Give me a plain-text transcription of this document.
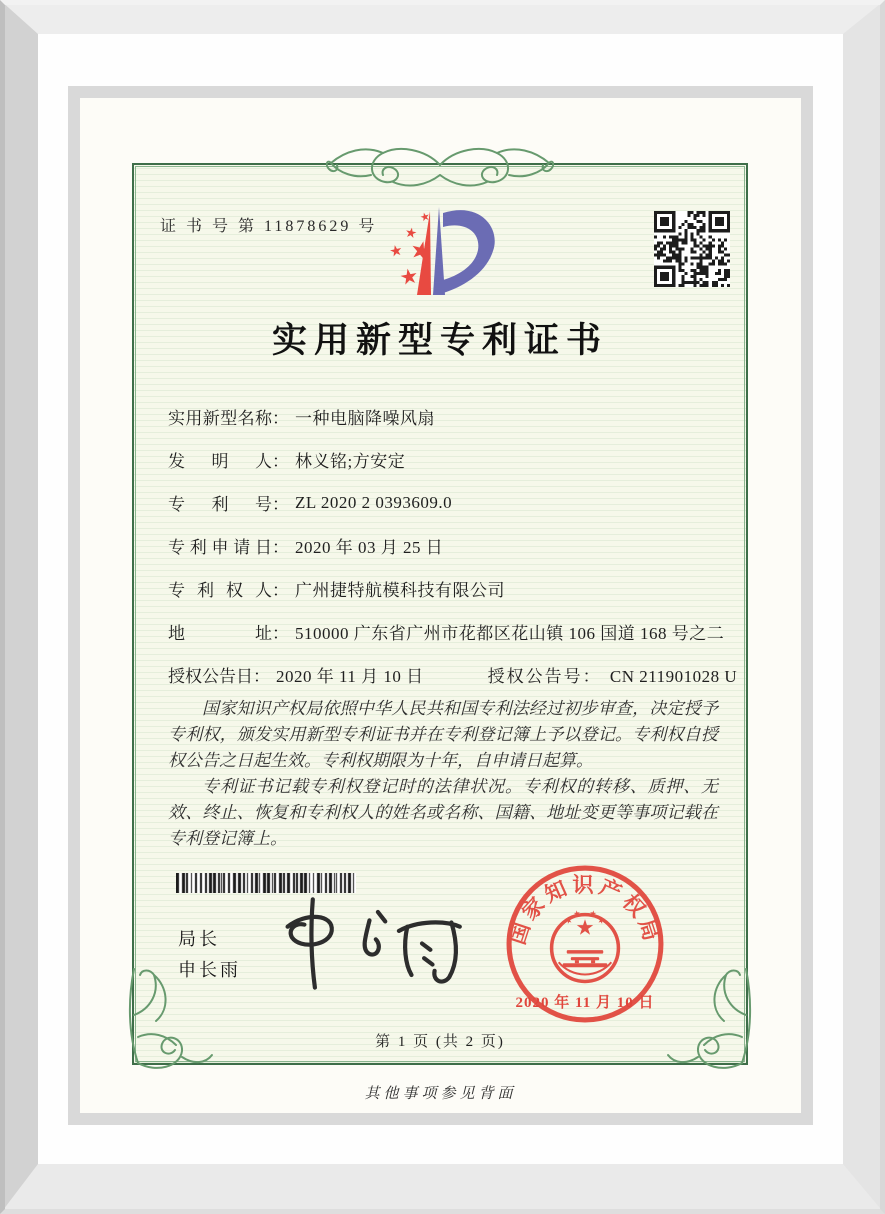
证 书 号 第 11878629 号
实用新型专利证书
实用新型名称 ： 一种电脑降噪风扇
发明人 ： 林义铭;方安定
专利号 ： ZL 2020 2 0393609.0
专利申请日 ： 2020 年 03 月 25 日
专利权人 ： 广州捷特航模科技有限公司
地址 ： 510000 广东省广州市花都区花山镇 106 国道 168 号之二
授权公告日 ： 2020 年 11 月 10 日	授权公告号： CN 211901028 U

国家知识产权局依照中华人民共和国专利法经过初步审查，决定授予专利权，颁发实用新型专利证书并在专利登记簿上予以登记。专利权自授权公告之日起生效。专利权期限为十年，自申请日起算。

专利证书记载专利权登记时的法律状况。专利权的转移、质押、无效、终止、恢复和专利权人的姓名或名称、国籍、地址变更等事项记载在专利登记簿上。

局长
申长雨
国家知识产权局
2020 年 11 月 10 日
第 1 页 (共 2 页)
其他事项参见背面
